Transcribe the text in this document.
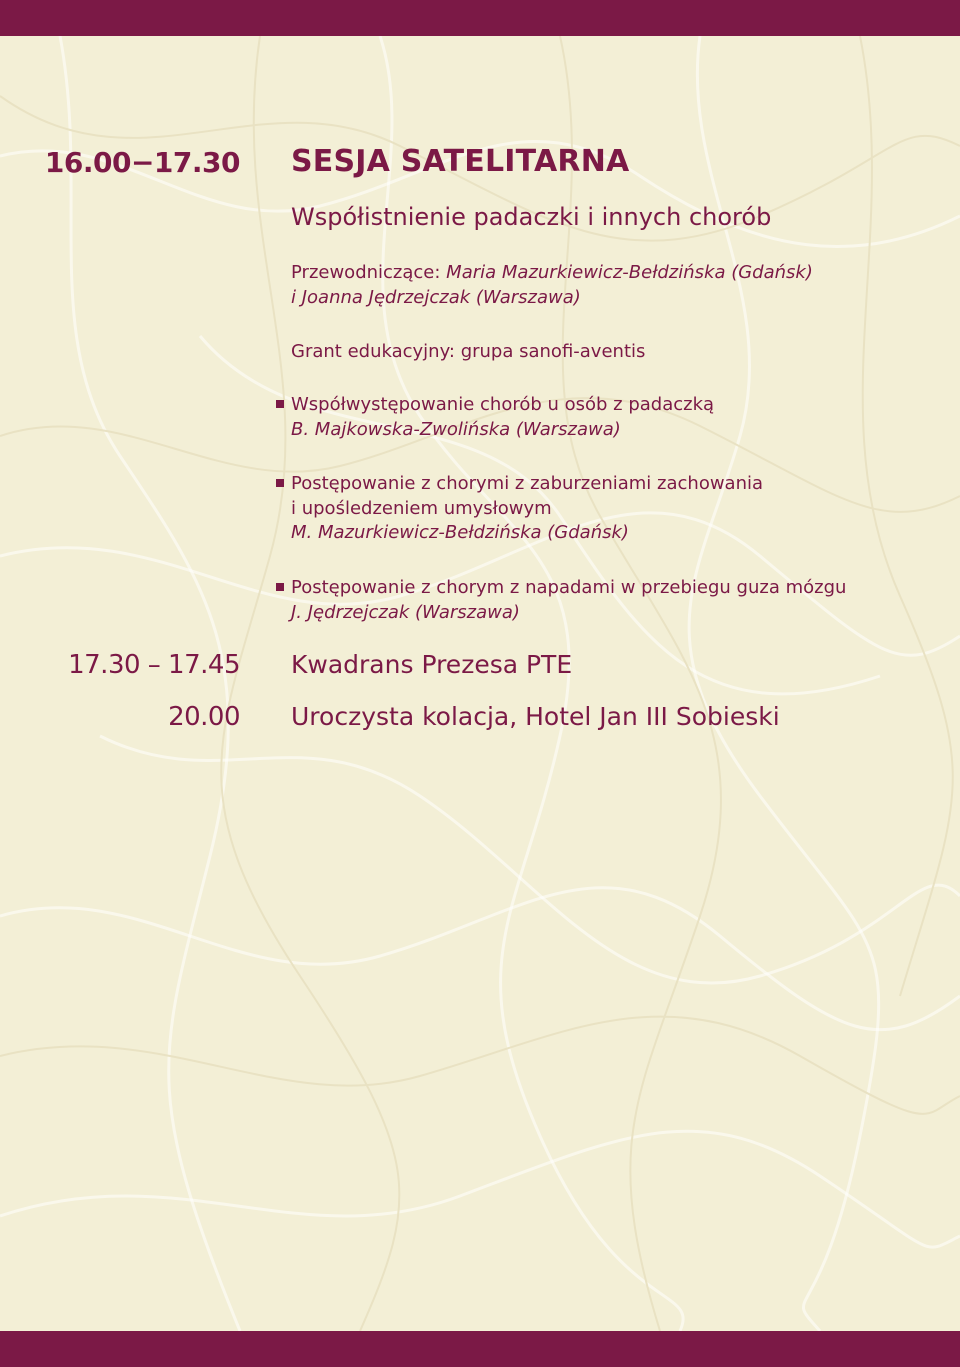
16.00−17.30 SESJA SATELITARNA
Współistnienie padaczki i innych chorób
Przewodniczące: Maria Mazurkiewicz-Bełdzińska (Gdańsk)
i Joanna Jędrzejczak (Warszawa)
Grant edukacyjny: grupa sanofi-aventis
Współwystępowanie chorób u osób z padaczką
B. Majkowska-Zwolińska (Warszawa)
Postępowanie z chorymi z zaburzeniami zachowania
i upośledzeniem umysłowym
M. Mazurkiewicz-Bełdzińska (Gdańsk)
Postępowanie z chorym z napadami w przebiegu guza mózgu
J. Jędrzejczak (Warszawa)
17.30 – 17.45 Kwadrans Prezesa PTE
20.00 Uroczysta kolacja, Hotel Jan III Sobieski
